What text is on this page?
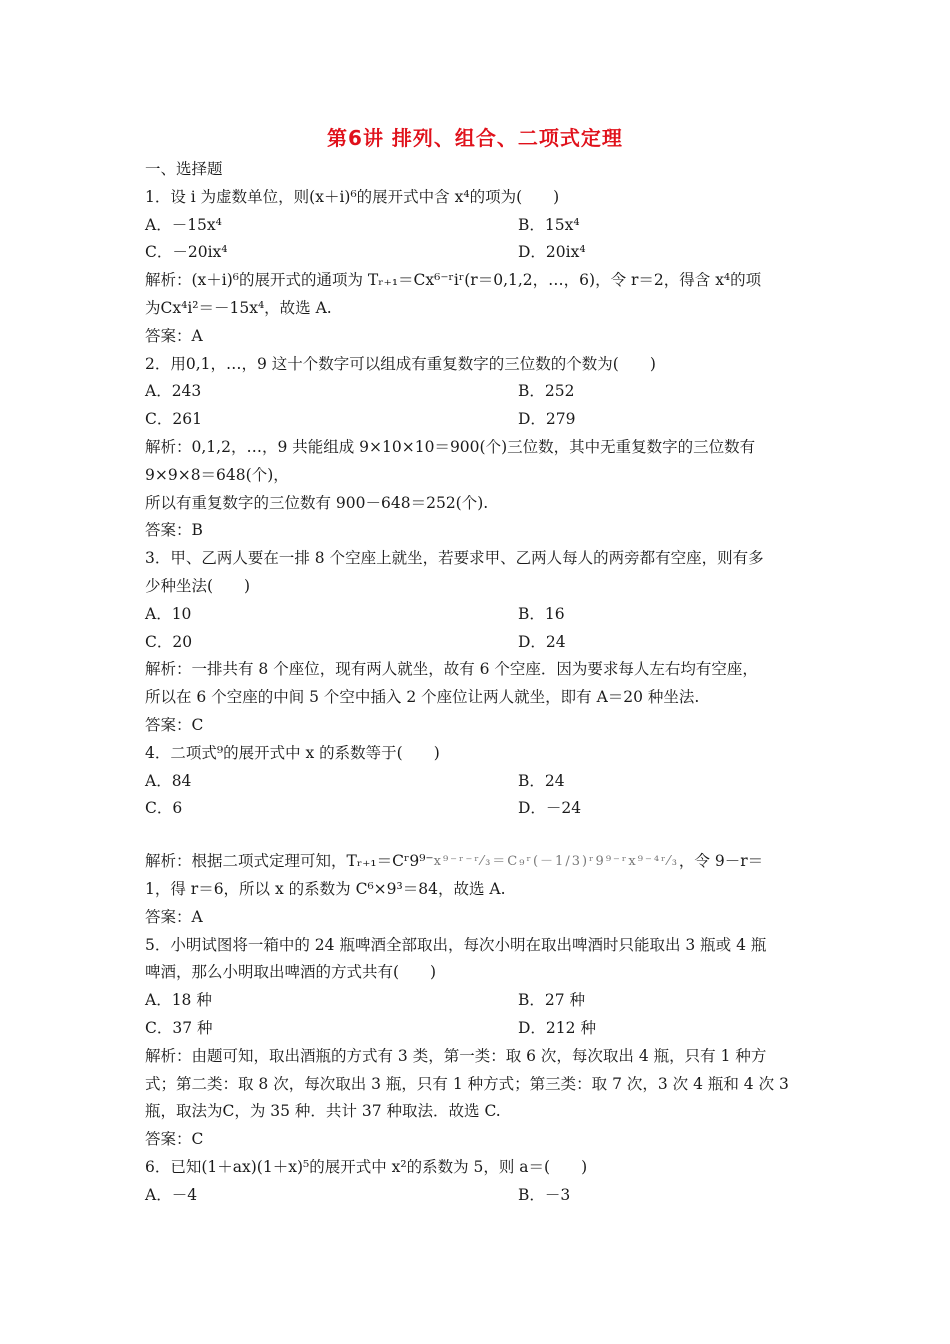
第6讲 排列、组合、二项式定理
一、选择题
1．设 i 为虚数单位，则(x＋i)⁶的展开式中含 x⁴的项为(　　)
A．－15x⁴	B．15x⁴
C．－20ix⁴	D．20ix⁴
解析：(x＋i)⁶的展开式的通项为 Tᵣ₊₁＝Cx⁶⁻ʳiʳ(r＝0,1,2，…，6)，令 r＝2，得含 x⁴的项
为Cx⁴i²＝－15x⁴，故选 A.
答案：A
2．用0,1，…，9 这十个数字可以组成有重复数字的三位数的个数为(　　)
A．243	B．252
C．261	D．279
解析：0,1,2，…，9 共能组成 9×10×10＝900(个)三位数，其中无重复数字的三位数有
9×9×8＝648(个)，
所以有重复数字的三位数有 900－648＝252(个).
答案：B
3．甲、乙两人要在一排 8 个空座上就坐，若要求甲、乙两人每人的两旁都有空座，则有多
少种坐法(　　)
A．10	B．16
C．20	D．24
解析：一排共有 8 个座位，现有两人就坐，故有 6 个空座．因为要求每人左右均有空座，
所以在 6 个空座的中间 5 个空中插入 2 个座位让两人就坐，即有 A＝20 种坐法.
答案：C
4．二项式⁹的展开式中 x 的系数等于(　　)
A．84	B．24
C．6	D．－24
解析：根据二项式定理可知，Tᵣ₊₁＝Cʳ9⁹⁻x⁹⁻ʳ⁻ʳ⁄₃＝C₉ʳ(－1/3)ʳ9⁹⁻ʳx⁹⁻⁴ʳ⁄₃，令 9－r＝
1，得 r＝6，所以 x 的系数为 C⁶×9³＝84，故选 A.
答案：A
5．小明试图将一箱中的 24 瓶啤酒全部取出，每次小明在取出啤酒时只能取出 3 瓶或 4 瓶
啤酒，那么小明取出啤酒的方式共有(　　)
A．18 种	B．27 种
C．37 种	D．212 种
解析：由题可知，取出酒瓶的方式有 3 类，第一类：取 6 次，每次取出 4 瓶，只有 1 种方
式；第二类：取 8 次，每次取出 3 瓶，只有 1 种方式；第三类：取 7 次，3 次 4 瓶和 4 次 3
瓶，取法为C，为 35 种．共计 37 种取法．故选 C.
答案：C
6．已知(1＋ax)(1＋x)⁵的展开式中 x²的系数为 5，则 a＝(　　)
A．－4	B．－3
